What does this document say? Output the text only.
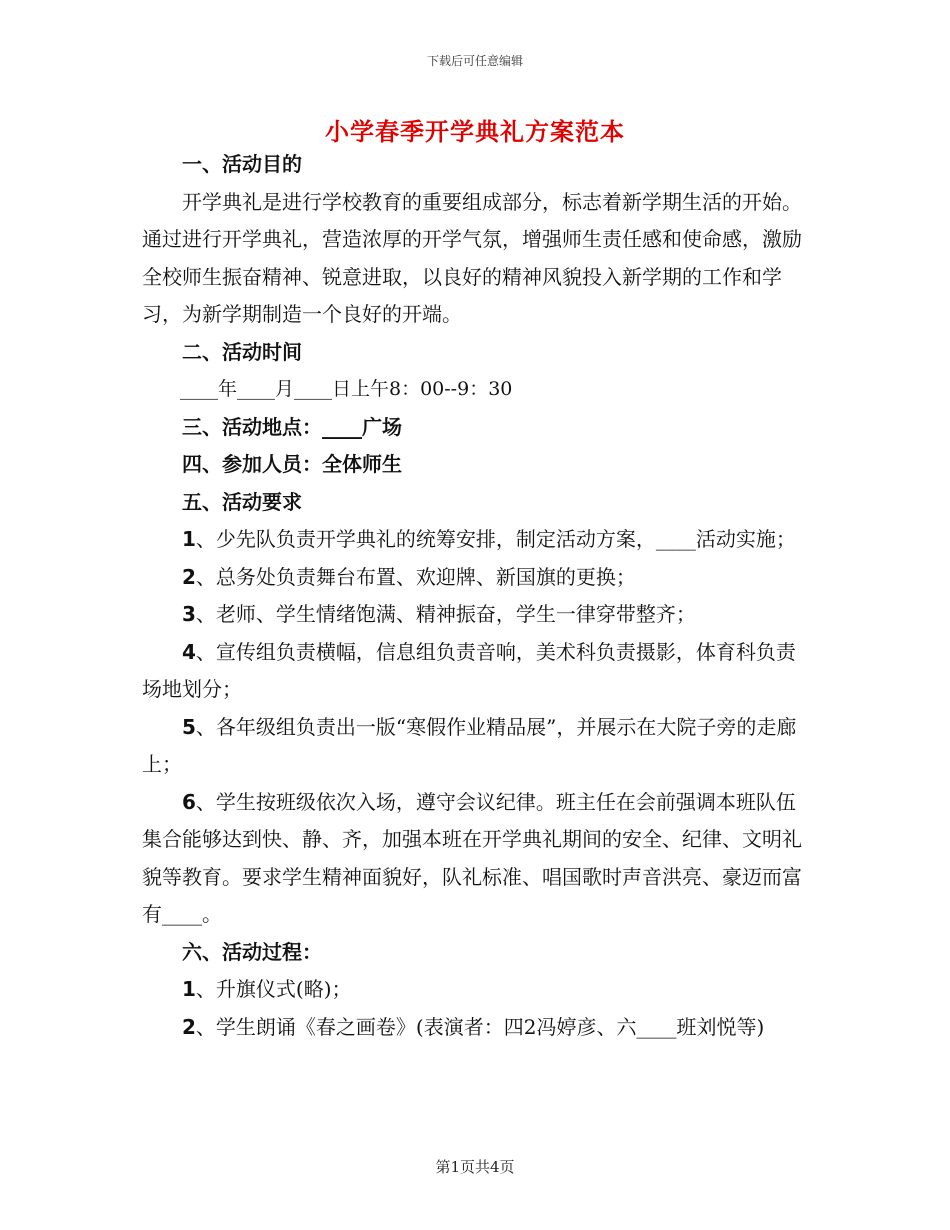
下载后可任意编辑
小学春季开学典礼方案范本

一、活动目的

开学典礼是进行学校教育的重要组成部分，标志着新学期生活的开始。通过进行开学典礼，营造浓厚的开学气氛，增强师生责任感和使命感，激励全校师生振奋精神、锐意进取，以良好的精神风貌投入新学期的工作和学习，为新学期制造一个良好的开端。

二、活动时间

____年____月____日上午8：00--9：30

三、活动地点：____广场

四、参加人员：全体师生

五、活动要求

1、少先队负责开学典礼的统筹安排，制定活动方案，____活动实施；

2、总务处负责舞台布置、欢迎牌、新国旗的更换；

3、老师、学生情绪饱满、精神振奋，学生一律穿带整齐；

4、宣传组负责横幅，信息组负责音响，美术科负责摄影，体育科负责场地划分；

5、各年级组负责出一版“寒假作业精品展”，并展示在大院子旁的走廊上；

6、学生按班级依次入场，遵守会议纪律。班主任在会前强调本班队伍集合能够达到快、静、齐，加强本班在开学典礼期间的安全、纪律、文明礼貌等教育。要求学生精神面貌好，队礼标准、唱国歌时声音洪亮、豪迈而富有____。

六、活动过程：

1、升旗仪式(略)；

2、学生朗诵《春之画卷》(表演者：四2冯婷彦、六____班刘悦等)

第1页共4页
